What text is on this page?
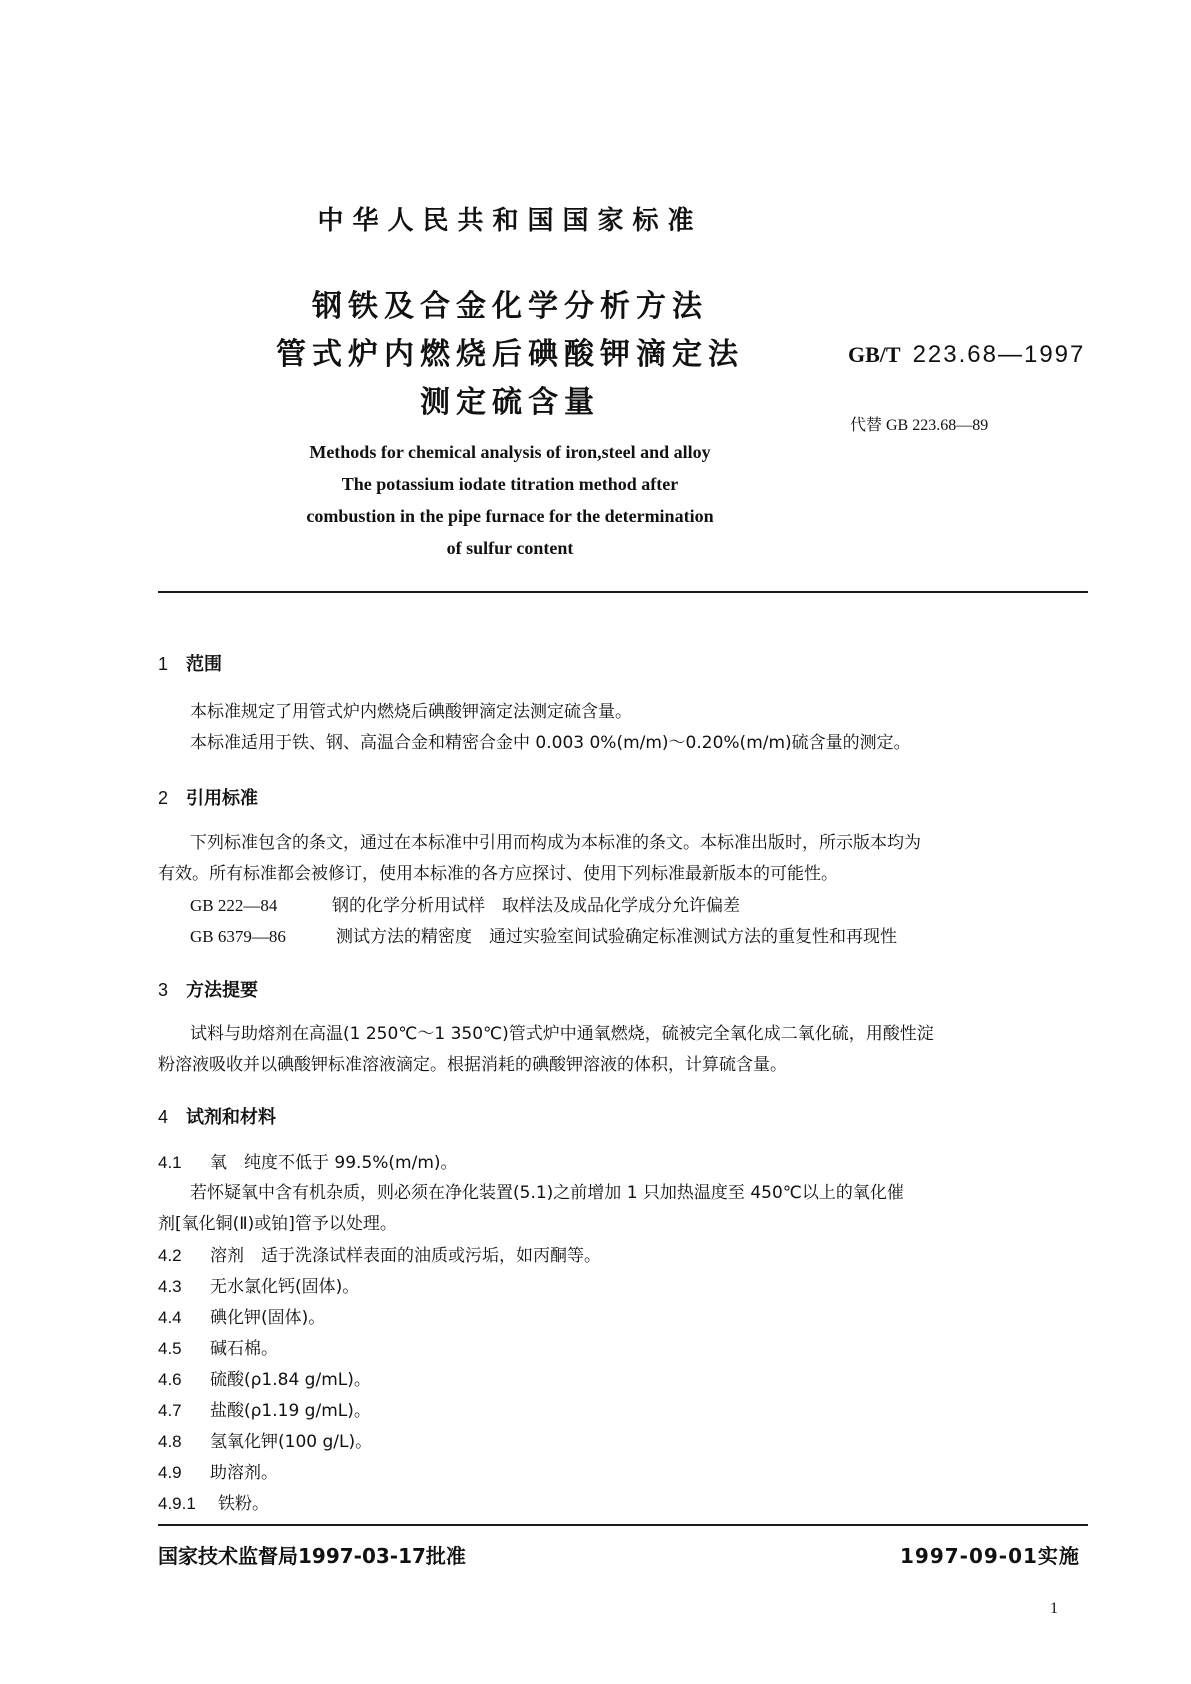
中华人民共和国国家标准
钢铁及合金化学分析方法
管式炉内燃烧后碘酸钾滴定法
测定硫含量
GB/T 223.68—1997
代替 GB 223.68—89
Methods for chemical analysis of iron,steel and alloy
The potassium iodate titration method after
combustion in the pipe furnace for the determination
of sulfur content
1 范围
本标准规定了用管式炉内燃烧后碘酸钾滴定法测定硫含量。
本标准适用于铁、钢、高温合金和精密合金中 0.003 0%(m/m)～0.20%(m/m)硫含量的测定。
2 引用标准
下列标准包含的条文，通过在本标准中引用而构成为本标准的条文。本标准出版时，所示版本均为
有效。所有标准都会被修订，使用本标准的各方应探讨、使用下列标准最新版本的可能性。
GB 222—84	钢的化学分析用试样　取样法及成品化学成分允许偏差
GB 6379—86	测试方法的精密度　通过实验室间试验确定标准测试方法的重复性和再现性
3 方法提要
试料与助熔剂在高温(1 250℃～1 350℃)管式炉中通氧燃烧，硫被完全氧化成二氧化硫，用酸性淀
粉溶液吸收并以碘酸钾标准溶液滴定。根据消耗的碘酸钾溶液的体积，计算硫含量。
4 试剂和材料
4.1 氧　纯度不低于 99.5%(m/m)。
若怀疑氧中含有机杂质，则必须在净化装置(5.1)之前增加 1 只加热温度至 450℃以上的氧化催
剂[氧化铜(Ⅱ)或铂]管予以处理。
4.2 溶剂　适于洗涤试样表面的油质或污垢，如丙酮等。
4.3 无水氯化钙(固体)。
4.4 碘化钾(固体)。
4.5 碱石棉。
4.6 硫酸(ρ1.84 g/mL)。
4.7 盐酸(ρ1.19 g/mL)。
4.8 氢氧化钾(100 g/L)。
4.9 助溶剂。
4.9.1 铁粉。
国家技术监督局1997-03-17批准	1997-09-01实施
1
